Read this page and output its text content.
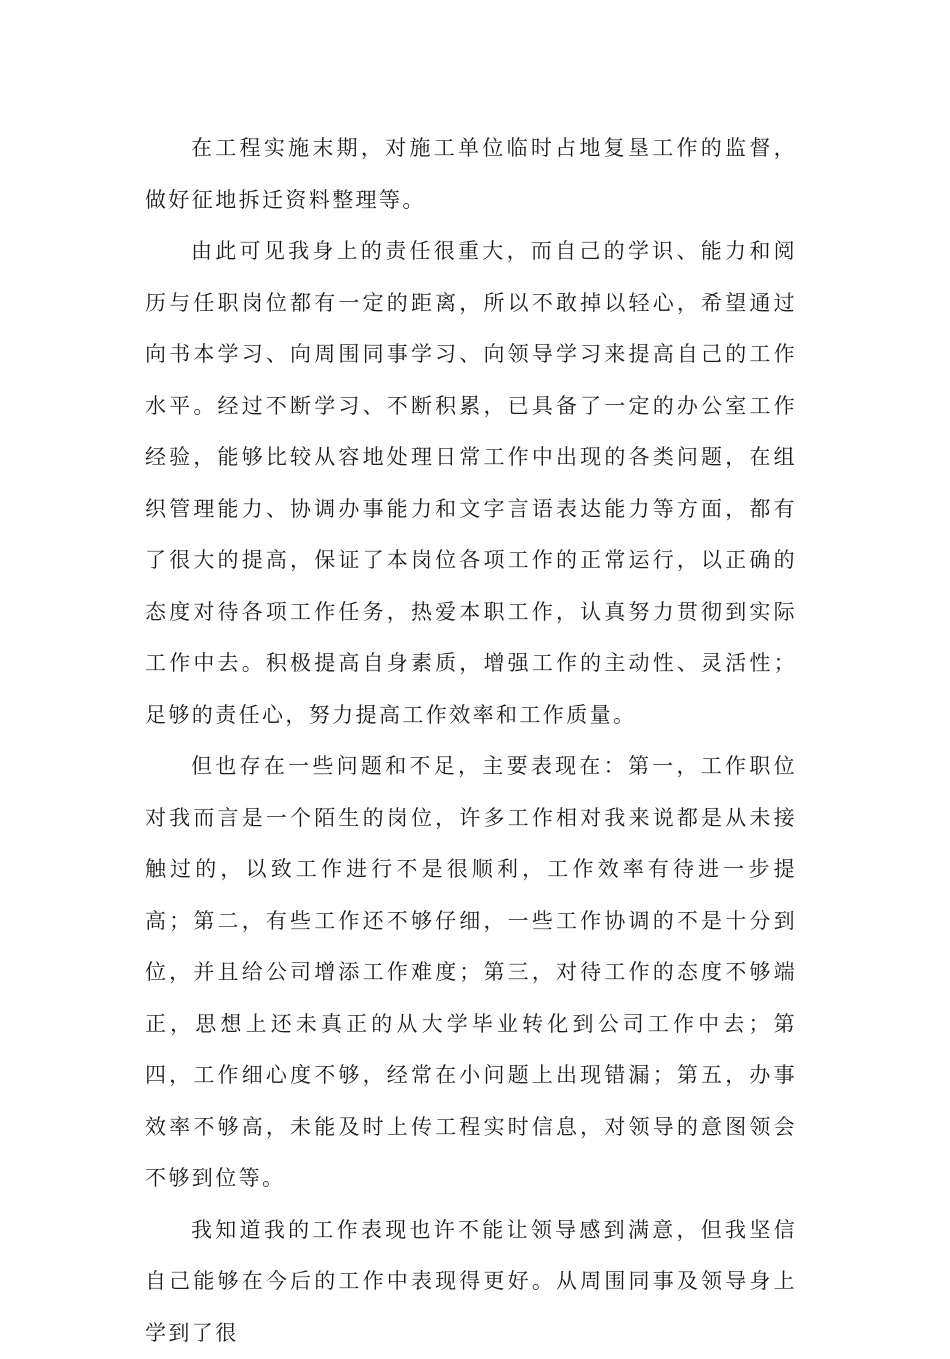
在工程实施末期，对施工单位临时占地复垦工作的监督，做好征地拆迁资料整理等。

由此可见我身上的责任很重大，而自己的学识、能力和阅历与任职岗位都有一定的距离，所以不敢掉以轻心，希望通过向书本学习、向周围同事学习、向领导学习来提高自己的工作水平。经过不断学习、不断积累，已具备了一定的办公室工作经验，能够比较从容地处理日常工作中出现的各类问题，在组织管理能力、协调办事能力和文字言语表达能力等方面，都有了很大的提高，保证了本岗位各项工作的正常运行，以正确的态度对待各项工作任务，热爱本职工作，认真努力贯彻到实际工作中去。积极提高自身素质，增强工作的主动性、灵活性；足够的责任心，努力提高工作效率和工作质量。

但也存在一些问题和不足，主要表现在：第一，工作职位对我而言是一个陌生的岗位，许多工作相对我来说都是从未接触过的，以致工作进行不是很顺利，工作效率有待进一步提高；第二，有些工作还不够仔细，一些工作协调的不是十分到位，并且给公司增添工作难度；第三，对待工作的态度不够端正，思想上还未真正的从大学毕业转化到公司工作中去；第四，工作细心度不够，经常在小问题上出现错漏；第五，办事效率不够高，未能及时上传工程实时信息，对领导的意图领会不够到位等。

我知道我的工作表现也许不能让领导感到满意，但我坚信自己能够在今后的工作中表现得更好。从周围同事及领导身上学到了很
